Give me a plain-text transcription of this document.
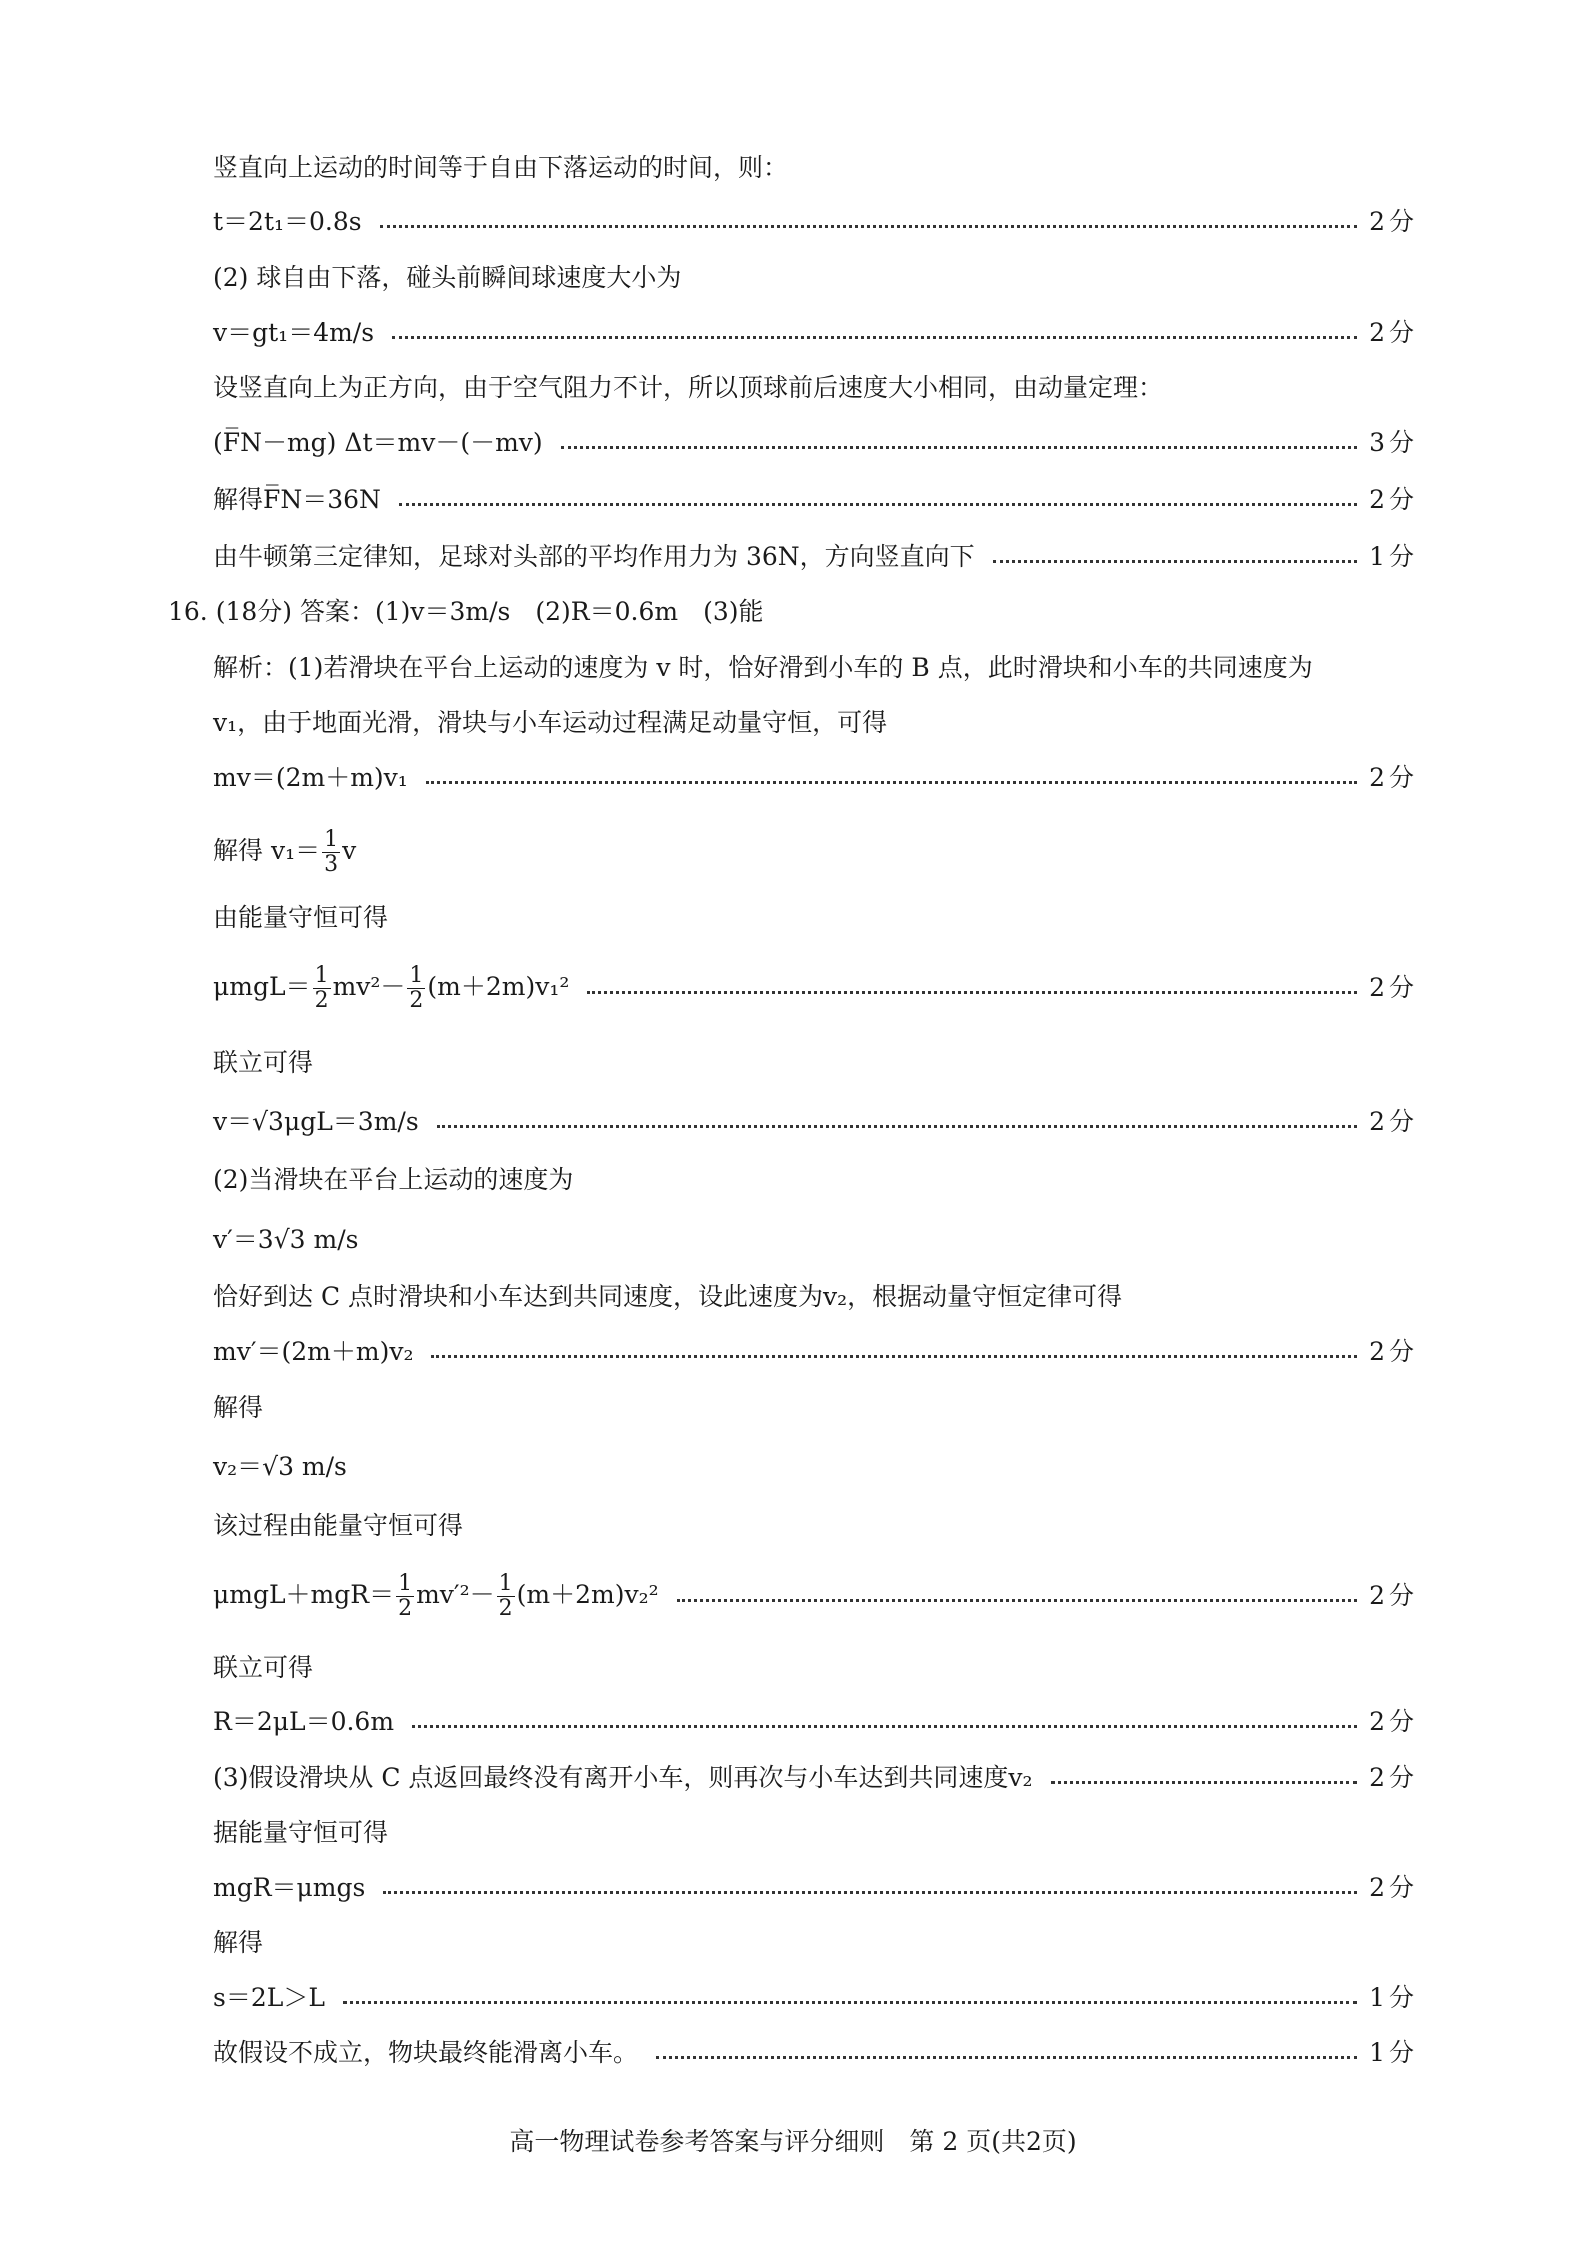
竖直向上运动的时间等于自由下落运动的时间，则：
t＝2t₁＝0.8s	2分
(2) 球自由下落，碰头前瞬间球速度大小为
v＝gt₁＝4m/s	2分
设竖直向上为正方向，由于空气阻力不计，所以顶球前后速度大小相同，由动量定理：
(F̅N－mg) Δt＝mv－(－mv)	3分
解得F̅N＝36N	2分
由牛顿第三定律知，足球对头部的平均作用力为 36N，方向竖直向下	1分
16. (18分) 答案：(1)v＝3m/s　(2)R＝0.6m　(3)能
解析：(1)若滑块在平台上运动的速度为 v 时，恰好滑到小车的 B 点，此时滑块和小车的共同速度为
v₁，由于地面光滑，滑块与小车运动过程满足动量守恒，可得
mv＝(2m＋m)v₁	2分
解得 $v_1= \frac{1}{3}$ v
由能量守恒可得
$\mu mgL= \frac{1}{2} mv^2- \frac{1}{2} (m+2m)v_1^2$	2分
联立可得
v＝√3μgL＝3m/s	2分
(2)当滑块在平台上运动的速度为
v′＝3√3 m/s
恰好到达 C 点时滑块和小车达到共同速度，设此速度为v₂，根据动量守恒定律可得
mv′＝(2m＋m)v₂	2分
解得
v₂＝√3 m/s
该过程由能量守恒可得
$\mu mgL+mgR= \frac{1}{2} mv'^2- \frac{1}{2} (m+2m)v_2^2$	2分
联立可得
R＝2μL＝0.6m	2分
(3)假设滑块从 C 点返回最终没有离开小车，则再次与小车达到共同速度v₂	2分
据能量守恒可得
mgR＝μmgs	2分
解得
s＝2L＞L	1分
故假设不成立，物块最终能滑离小车。	1分
高一物理试卷参考答案与评分细则　第 2 页(共2页)
